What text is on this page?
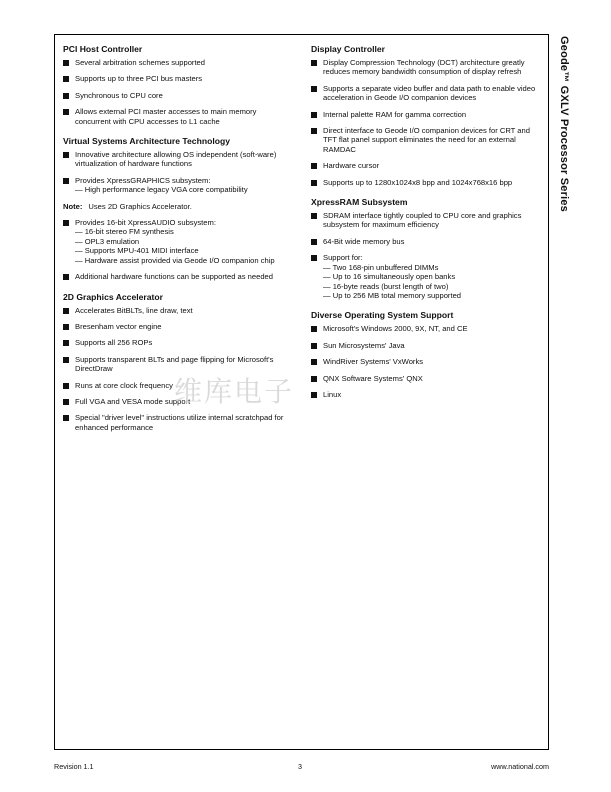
PCI Host Controller
Several arbitration schemes supported
Supports up to three PCI bus masters
Synchronous to CPU core
Allows external PCI master accesses to main memory concurrent with CPU accesses to L1 cache
Virtual Systems Architecture Technology
Innovative architecture allowing OS independent (soft-ware) virtualization of hardware functions
Provides XpressGRAPHICS subsystem:
— High performance legacy VGA core compatibility
Note: Uses 2D Graphics Accelerator.
Provides 16-bit XpressAUDIO subsystem:
— 16-bit stereo FM synthesis
— OPL3 emulation
— Supports MPU-401 MIDI interface
— Hardware assist provided via Geode I/O companion chip
Additional hardware functions can be supported as needed
2D Graphics Accelerator
Accelerates BitBLTs, line draw, text
Bresenham vector engine
Supports all 256 ROPs
Supports transparent BLTs and page flipping for Microsoft's DirectDraw
Runs at core clock frequency
Full VGA and VESA mode support
Special "driver level" instructions utilize internal scratchpad for enhanced performance
Display Controller
Display Compression Technology (DCT) architecture greatly reduces memory bandwidth consumption of display refresh
Supports a separate video buffer and data path to enable video acceleration in Geode I/O companion devices
Internal palette RAM for gamma correction
Direct interface to Geode I/O companion devices for CRT and TFT flat panel support eliminates the need for an external RAMDAC
Hardware cursor
Supports up to 1280x1024x8 bpp and 1024x768x16 bpp
XpressRAM Subsystem
SDRAM interface tightly coupled to CPU core and graphics subsystem for maximum efficiency
64-Bit wide memory bus
Support for:
— Two 168-pin unbuffered DIMMs
— Up to 16 simultaneously open banks
— 16-byte reads (burst length of two)
— Up to 256 MB total memory supported
Diverse Operating System Support
Microsoft's Windows 2000, 9X, NT, and CE
Sun Microsystems' Java
WindRiver Systems' VxWorks
QNX Software Systems' QNX
Linux
维库电子
Geode™ GXLV Processor Series
Revision 1.1	3	www.national.com
